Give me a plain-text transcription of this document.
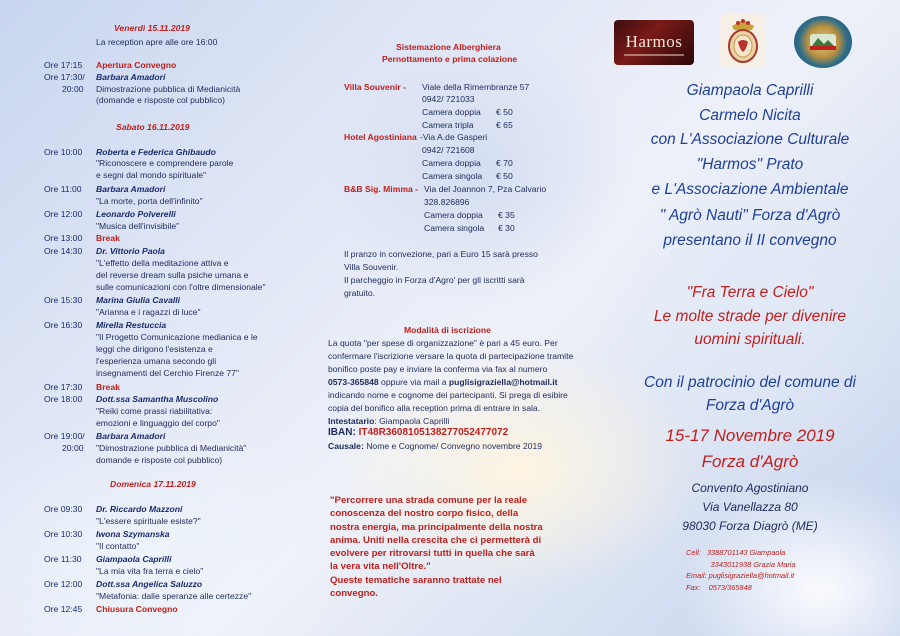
Venerdì 15.11.2019
La reception apre alle ore 16:00
Ore 17:15 Apertura Convegno
Ore 17:30/ Barbara Amadori
20:00 Dimostrazione pubblica di Medianicità
(domande e risposte col pubblico)
Sabato 16.11.2019
Ore 10:00 Roberta e Federica Ghibaudo
"Riconoscere e comprendere parole
e segni dal mondo spirituale"
Ore 11:00 Barbara Amadori
"La morte, porta dell'infinito"
Ore 12:00 Leonardo Polverelli
"Musica dell'invisibile"
Ore 13:00 Break
Ore 14:30 Dr. Vittorio Paola
"L'effetto della meditazione attiva e
del reverse dream sulla psiche umana e
sulle comunicazioni con l'oltre dimensionale"
Ore 15:30 Marina Giulia Cavalli
"Arianna e i ragazzi di luce"
Ore 16:30 Mirella Restuccia
"Il Progetto Comunicazione medianica e le
leggi che dirigono l'esistenza e
l'esperienza umana secondo gli
insegnamenti del Cerchio Firenze 77"
Ore 17:30 Break
Ore 18:00 Dott.ssa Samantha Muscolino
"Reiki come prassi riabilitativa:
emozioni e linguaggio del corpo"
Ore 19:00/ Barbara Amadori
20:00 "Dimostrazione pubblica di Medianicità"
domande e risposte col pubblico)
Domenica 17.11.2019
Ore 09:30 Dr. Riccardo Mazzoni
"L'essere spirituale esiste?"
Ore 10:30 Iwona Szymanska
"Il contatto"
Ore 11:30 Giampaola Caprilli
"La mia vita fra terra e cielo"
Ore 12:00 Dott.ssa Angelica Saluzzo
"Metafonia: dalle speranze alle certezze"
Ore 12:45 Chiusura Convegno
Sistemazione Alberghiera
Pernottamento e prima colazione
Villa Souvenir - Viale della Rimembranze 57
0942/ 721033
Camera doppia € 50
Camera tripla	€ 65
Hotel Agostiniana -Via A.de Gasperi
0942/ 721608
Camera doppia € 70
Camera singola € 50
B&B Sig. Mimma - Via del Joannon 7, Pza Calvario
328.826896
Camera doppia € 35
Camera singola € 30
Il pranzo in convezione, pari a Euro 15 sarà presso
Villa Souvenir.
Il parcheggio in Forza d'Agro' per gli iscritti sarà
gratuito.
Modalità di iscrizione
La quota "per spese di organizzazione" è pari a 45 euro. Per
confermare l'iscrizione versare la quota di partecipazione tramite
bonifico poste pay e inviare la conferma via fax al numero
0573-365848 oppure via mail a puglisigraziella@hotmail.it
indicando nome e cognome dei partecipanti. Si prega di esibire
copia del bonifico alla reception prima di entrare in sala.
Intestatario: Giampaola Caprilli
IBAN: IT48R3608105138277052477072
Causale: Nome e Cognome/ Convegno novembre 2019
"Percorrere una strada comune per la reale
conoscenza del nostro corpo fisico, della
nostra energia, ma principalmente della nostra
anima. Uniti nella crescita che ci permetterà di
evolvere per ritrovarsi tutti in quella che sarà
la vera vita nell'Oltre."
Queste tematiche saranno trattate nel
convegno.
Harmos
Giampaola Caprilli
Carmelo Nicita
con L'Associazione Culturale
"Harmos" Prato
e L'Associazione Ambientale
" Agrò Nauti" Forza d'Agrò
presentano il II convegno
"Fra Terra e Cielo"
Le molte strade per divenire
uomini spirituali.
Con il patrocinio del comune di
Forza d'Agrò
15-17 Novembre 2019
Forza d'Agrò
Convento Agostiniano
Via Vanellazza 80
98030 Forza Diagrò (ME)
Cell:   3388701143 Giampaola
3343011938 Grazia Maria
Email: puglisigraziella@hotmail.it
Fax:    0573/365848
